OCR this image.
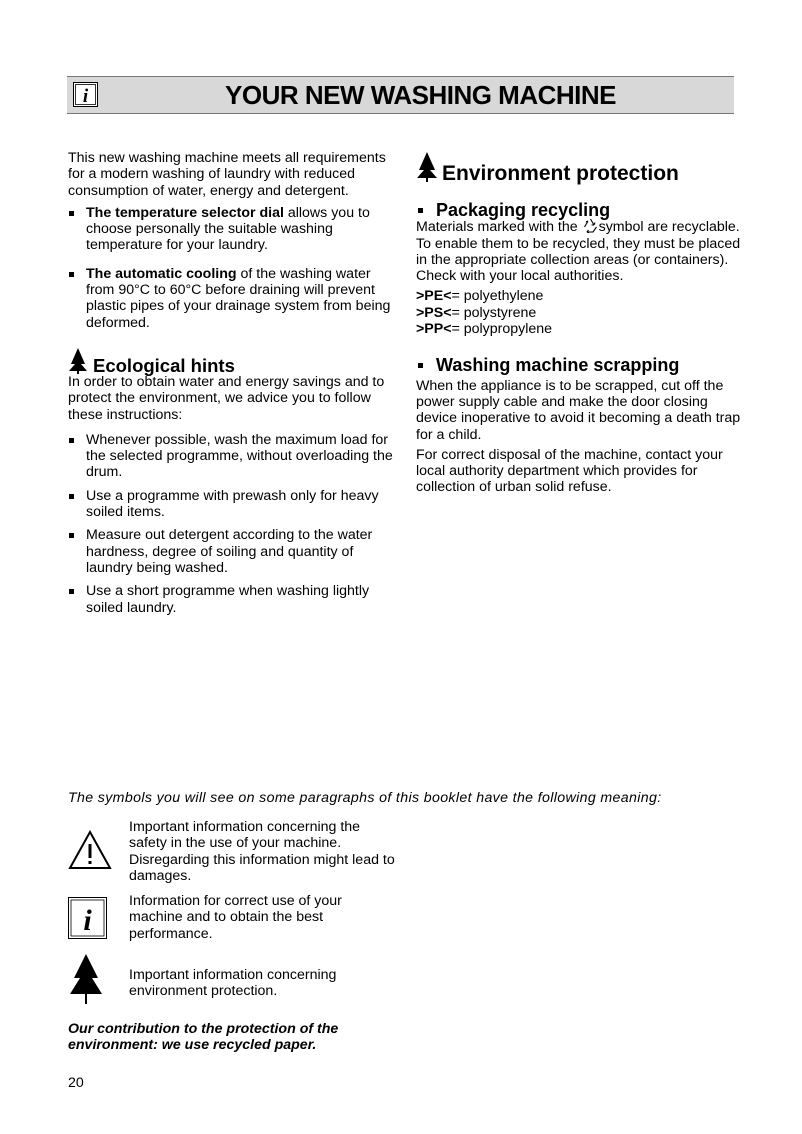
i	YOUR NEW WASHING MACHINE

This new washing machine meets all requirements for a modern washing of laundry with reduced consumption of water, energy and detergent.

The temperature selector dial allows you to choose personally the suitable washing temperature for your laundry.
The automatic cooling of the washing water from 90°C to 60°C before draining will prevent plastic pipes of your drainage system from being deformed.
Ecological hints

In order to obtain water and energy savings and to protect the environment, we advice you to follow these instructions:

Whenever possible, wash the maximum load for the selected programme, without overloading the drum.
Use a programme with prewash only for heavy soiled items.
Measure out detergent according to the water hardness, degree of soiling and quantity of laundry being washed.
Use a short programme when washing lightly soiled laundry.
Environment protection
Packaging recycling

Materials marked with the symbol are recyclable. To enable them to be recycled, they must be placed in the appropriate collection areas (or containers). Check with your local authorities.

>PE<= polyethylene
>PS<= polystyrene
>PP<= polypropylene
Washing machine scrapping

When the appliance is to be scrapped, cut off the power supply cable and make the door closing device inoperative to avoid it becoming a death trap for a child.

For correct disposal of the machine, contact your local authority department which provides for collection of urban solid refuse.

The symbols you will see on some paragraphs of this booklet have the following meaning:
Important information concerning the safety in the use of your machine. Disregarding this information might lead to damages.
i
Information for correct use of your machine and to obtain the best performance.
Important information concerning environment protection.
Our contribution to the protection of the environment: we use recycled paper.
20
